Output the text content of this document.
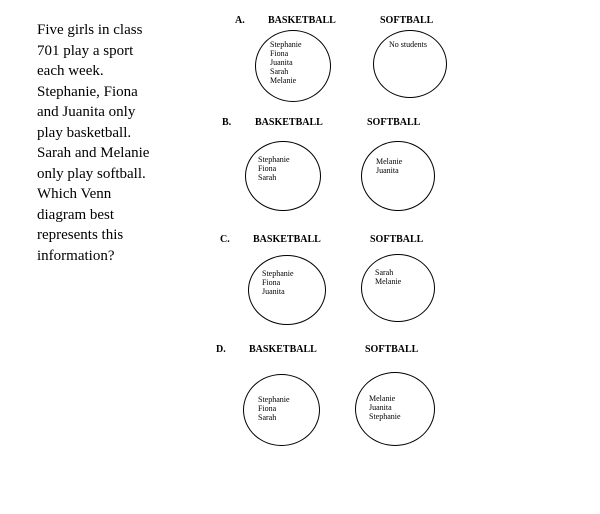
Five girls in class
701 play a sport
each week.
Stephanie, Fiona
and Juanita only
play basketball.
Sarah and Melanie
only play softball.
Which Venn
diagram best
represents this
information?
A. BASKETBALL	SOFTBALL
Stephanie
Fiona
Juanita
Sarah
Melanie
No students
B. BASKETBALL	SOFTBALL
Stephanie
Fiona
Sarah
Melanie
Juanita
C. BASKETBALL	SOFTBALL
Stephanie
Fiona
Juanita
Sarah
Melanie
D. BASKETBALL	SOFTBALL
Stephanie
Fiona
Sarah
Melanie
Juanita
Stephanie
